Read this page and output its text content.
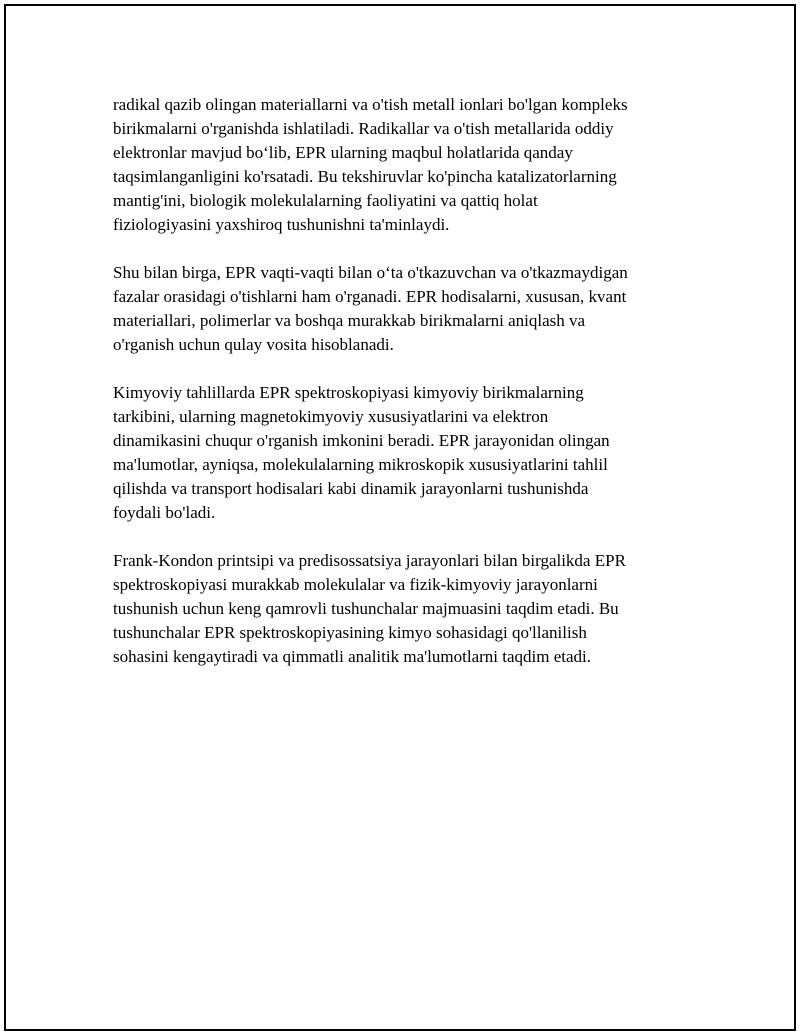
radikal qazib olingan materiallarni va o'tish metall ionlari bo'lgan kompleks
birikmalarni o'rganishda ishlatiladi. Radikallar va o'tish metallarida oddiy
elektronlar mavjud bo‘lib, EPR ularning maqbul holatlarida qanday
taqsimlanganligini ko'rsatadi. Bu tekshiruvlar ko'pincha katalizatorlarning
mantig'ini, biologik molekulalarning faoliyatini va qattiq holat
fiziologiyasini yaxshiroq tushunishni ta'minlaydi.

Shu bilan birga, EPR vaqti-vaqti bilan o‘ta o'tkazuvchan va o'tkazmaydigan
fazalar orasidagi o'tishlarni ham o'rganadi. EPR hodisalarni, xususan, kvant
materiallari, polimerlar va boshqa murakkab birikmalarni aniqlash va
o'rganish uchun qulay vosita hisoblanadi.

Kimyoviy tahlillarda EPR spektroskopiyasi kimyoviy birikmalarning
tarkibini, ularning magnetokimyoviy xususiyatlarini va elektron
dinamikasini chuqur o'rganish imkonini beradi. EPR jarayonidan olingan
ma'lumotlar, ayniqsa, molekulalarning mikroskopik xususiyatlarini tahlil
qilishda va transport hodisalari kabi dinamik jarayonlarni tushunishda
foydali bo'ladi.

Frank-Kondon printsipi va predisossatsiya jarayonlari bilan birgalikda EPR
spektroskopiyasi murakkab molekulalar va fizik-kimyoviy jarayonlarni
tushunish uchun keng qamrovli tushunchalar majmuasini taqdim etadi. Bu
tushunchalar EPR spektroskopiyasining kimyo sohasidagi qo'llanilish
sohasini kengaytiradi va qimmatli analitik ma'lumotlarni taqdim etadi.
